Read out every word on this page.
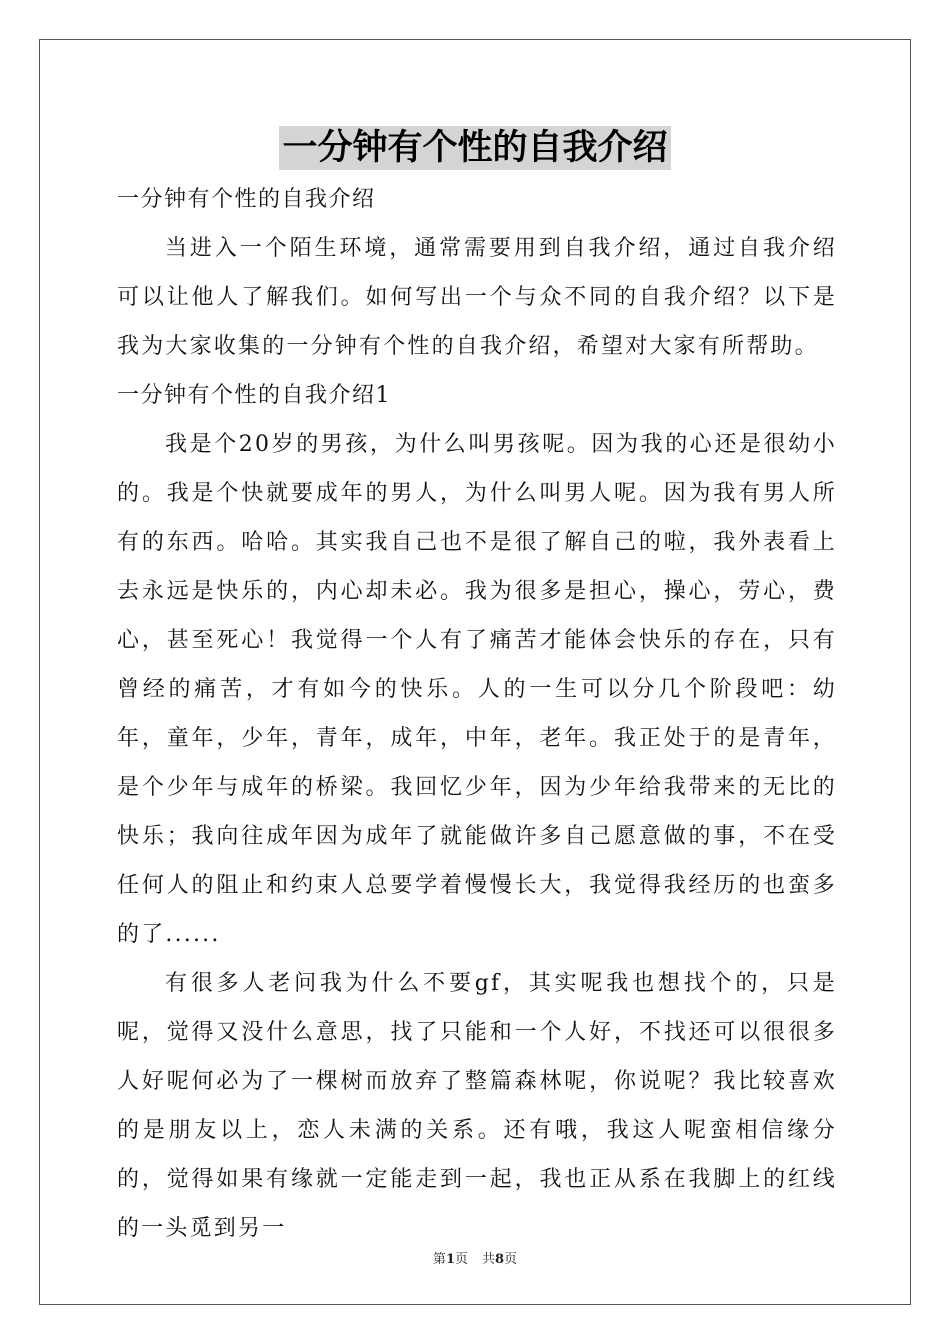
一分钟有个性的自我介绍

一分钟有个性的自我介绍

当进入一个陌生环境，通常需要用到自我介绍，通过自我介绍可以让他人了解我们。如何写出一个与众不同的自我介绍？以下是我为大家收集的一分钟有个性的自我介绍，希望对大家有所帮助。

一分钟有个性的自我介绍1

我是个20岁的男孩，为什么叫男孩呢。因为我的心还是很幼小的。我是个快就要成年的男人，为什么叫男人呢。因为我有男人所有的东西。哈哈。其实我自己也不是很了解自己的啦，我外表看上去永远是快乐的，内心却未必。我为很多是担心，操心，劳心，费心，甚至死心！我觉得一个人有了痛苦才能体会快乐的存在，只有曾经的痛苦，才有如今的快乐。人的一生可以分几个阶段吧：幼年，童年，少年，青年，成年，中年，老年。我正处于的是青年，是个少年与成年的桥梁。我回忆少年，因为少年给我带来的无比的快乐；我向往成年因为成年了就能做许多自己愿意做的事，不在受任何人的阻止和约束人总要学着慢慢长大，我觉得我经历的也蛮多的了......

有很多人老问我为什么不要gf，其实呢我也想找个的，只是呢，觉得又没什么意思，找了只能和一个人好，不找还可以很很多人好呢何必为了一棵树而放弃了整篇森林呢，你说呢？我比较喜欢的是朋友以上，恋人未满的关系。还有哦，我这人呢蛮相信缘分的，觉得如果有缘就一定能走到一起，我也正从系在我脚上的红线的一头觅到另一

第1页 共8页
